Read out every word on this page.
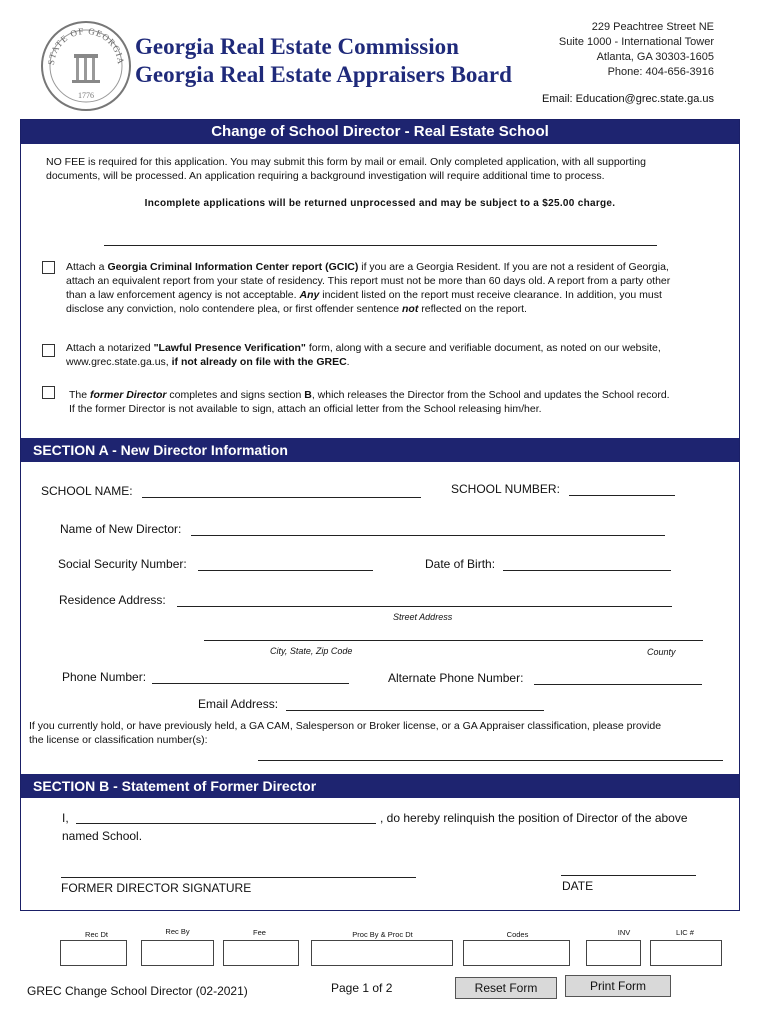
STATE OF GEORGIA
1776
Georgia Real Estate Commission
Georgia Real Estate Appraisers Board
229 Peachtree Street NE
Suite 1000 - International Tower
Atlanta, GA 30303-1605
Phone: 404-656-3916
Email: Education@grec.state.ga.us
Change of School Director - Real Estate School
NO FEE is required for this application. You may submit this form by mail or email. Only completed application, with all supporting
documents, will be processed. An application requiring a background investigation will require additional time to process.
Incomplete applications will be returned unprocessed and may be subject to a $25.00 charge.
Attach a Georgia Criminal Information Center report (GCIC) if you are a Georgia Resident. If you are not a resident of Georgia,
attach an equivalent report from your state of residency. This report must not be more than 60 days old. A report from a party other
than a law enforcement agency is not acceptable. Any incident listed on the report must receive clearance. In addition, you must
disclose any conviction, nolo contendere plea, or first offender sentence not reflected on the report.
Attach a notarized "Lawful Presence Verification" form, along with a secure and verifiable document, as noted on our website,
www.grec.state.ga.us, if not already on file with the GREC.
The former Director completes and signs section B, which releases the Director from the School and updates the School record.
If the former Director is not available to sign, attach an official letter from the School releasing him/her.
SECTION A - New Director Information
SCHOOL NAME:	SCHOOL NUMBER:
Name of New Director:
Social Security Number:	Date of Birth:
Residence Address:
Street Address
City, State, Zip Code	County
Phone Number:	Alternate Phone Number:
Email Address:
If you currently hold, or have previously held, a GA CAM, Salesperson or Broker license, or a GA Appraiser classification, please provide
the license or classification number(s):
SECTION B - Statement of Former Director
I,	, do hereby relinquish the position of Director of the above
named School.
FORMER DIRECTOR SIGNATURE	DATE
Rec Dt	Rec By	Fee	Proc By & Proc Dt	Codes	INV	LIC #
GREC Change School Director (02-2021)	Page 1 of 2	Reset Form	Print Form
